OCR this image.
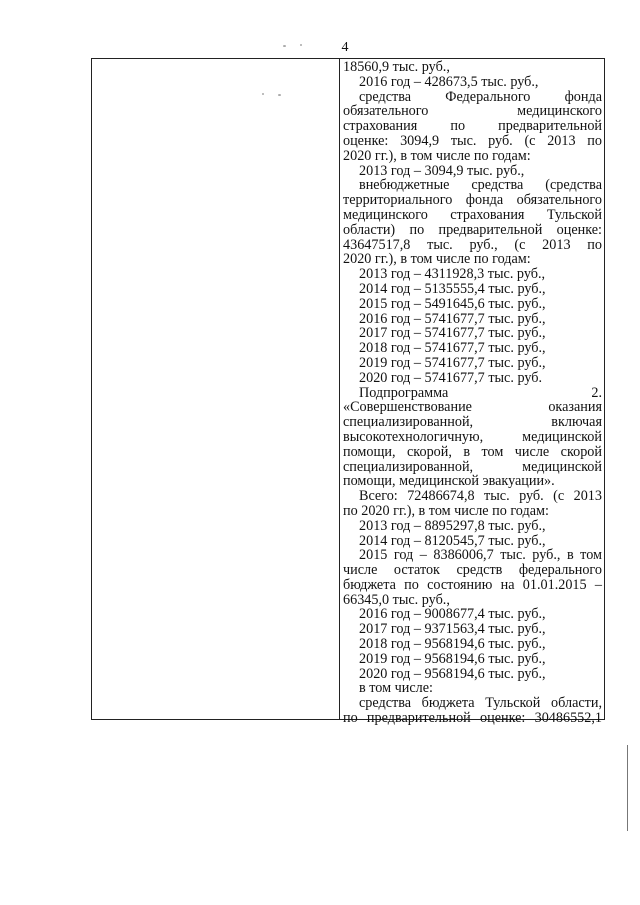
4
18560,9 тыс. руб.,
2016 год – 428673,5 тыс. руб.,
средства Федерального фонда
обязательного медицинского
страхования по предварительной
оценке: 3094,9 тыс. руб. (с 2013 по
2020 гг.), в том числе по годам:
2013 год – 3094,9 тыс. руб.,
внебюджетные средства (средства
территориального фонда обязательного
медицинского страхования Тульской
области) по предварительной оценке:
43647517,8 тыс. руб., (с 2013 по
2020 гг.), в том числе по годам:
2013 год – 4311928,3 тыс. руб.,
2014 год – 5135555,4 тыс. руб.,
2015 год – 5491645,6 тыс. руб.,
2016 год – 5741677,7 тыс. руб.,
2017 год – 5741677,7 тыс. руб.,
2018 год – 5741677,7 тыс. руб.,
2019 год – 5741677,7 тыс. руб.,
2020 год – 5741677,7 тыс. руб.
Подпрограмма 2.
«Совершенствование оказания
специализированной, включая
высокотехнологичную, медицинской
помощи, скорой, в том числе скорой
специализированной, медицинской
помощи, медицинской эвакуации».
Всего: 72486674,8 тыс. руб. (с 2013
по 2020 гг.), в том числе по годам:
2013 год – 8895297,8 тыс. руб.,
2014 год – 8120545,7 тыс. руб.,
2015 год – 8386006,7 тыс. руб., в том
числе остаток средств федерального
бюджета по состоянию на 01.01.2015 –
66345,0 тыс. руб.,
2016 год – 9008677,4 тыс. руб.,
2017 год – 9371563,4 тыс. руб.,
2018 год – 9568194,6 тыс. руб.,
2019 год – 9568194,6 тыс. руб.,
2020 год – 9568194,6 тыс. руб.,
в том числе:
средства бюджета Тульской области,
по предварительной оценке: 30486552,1
